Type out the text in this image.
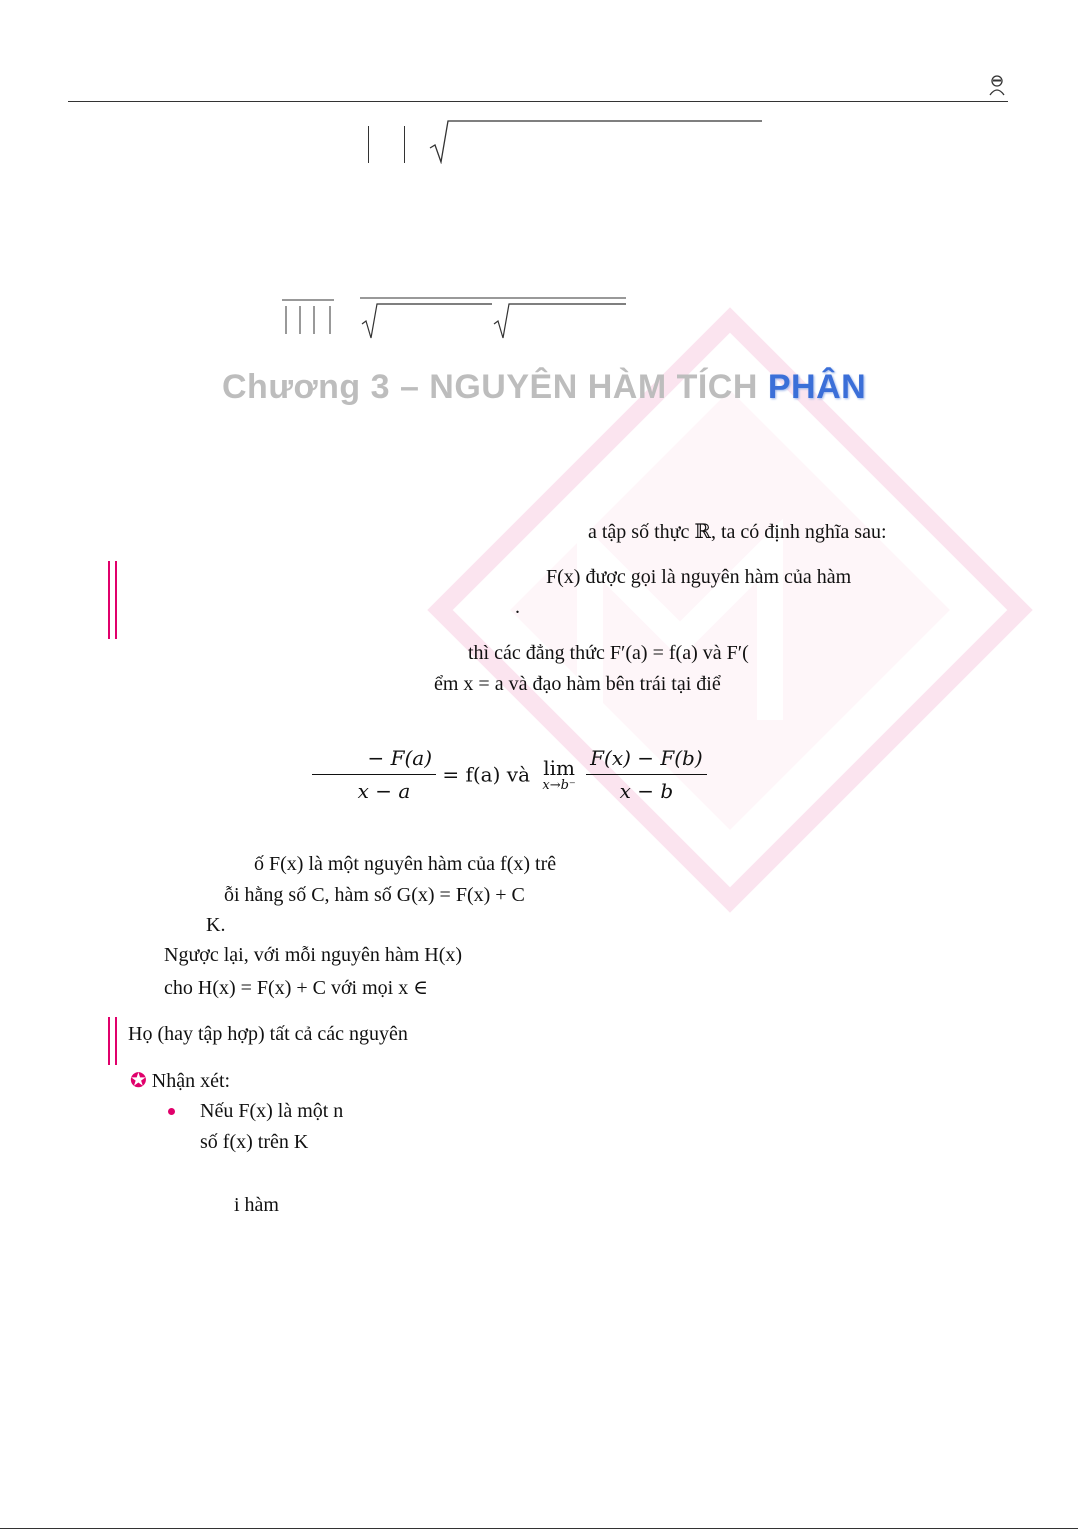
Chương 3 – NGUYÊN HÀM TÍCH PHÂN
a tập số thực ℝ, ta có định nghĩa sau:
F(x) được gọi là nguyên hàm của hàm
.
thì các đẳng thức F′(a) = f(a) và F′(
ểm x = a và đạo hàm bên trái tại điể
$\frac{- F(a)}{x - a} = f(a)$ và lim
x→b⁻
$\frac{F(x) - F(b)}{x - b}$
ố F(x) là một nguyên hàm của f(x) trê
ỗi hằng số C, hàm số G(x) = F(x) + C
K.
Ngược lại, với mỗi nguyên hàm H(x)
cho H(x) = F(x) + C với mọi x ∈
Họ (hay tập hợp) tất cả các nguyên
✪ Nhận xét:
Nếu F(x) là một n
số f(x) trên K
i hàm
